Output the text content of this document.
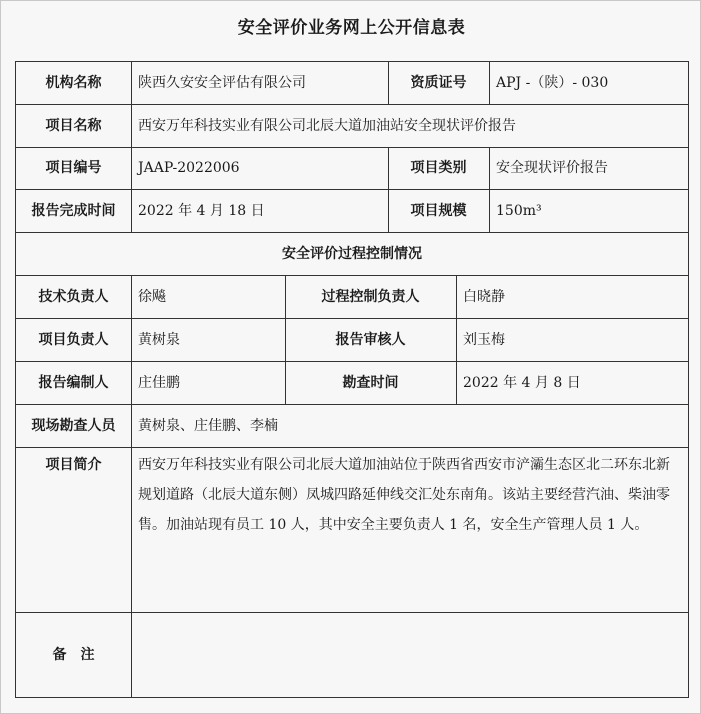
安全评价业务网上公开信息表
机构名称	陕西久安安全评估有限公司	资质证号	APJ -（陕）- 030
项目名称	西安万年科技实业有限公司北辰大道加油站安全现状评价报告
项目编号	JAAP-2022006	项目类别	安全现状评价报告
报告完成时间	2022 年 4 月 18 日	项目规模	150m³
安全评价过程控制情况
技术负责人	徐飚	过程控制负责人	白晓静
项目负责人	黄树泉	报告审核人	刘玉梅
报告编制人	庄佳鹏	勘查时间	2022 年 4 月 8 日
现场勘查人员	黄树泉、庄佳鹏、李楠
项目简介	西安万年科技实业有限公司北辰大道加油站位于陕西省西安市浐灞生态区北二环东北新规划道路（北辰大道东侧）凤城四路延伸线交汇处东南角。该站主要经营汽油、柴油零售。加油站现有员工 10 人，其中安全主要负责人 1 名，安全生产管理人员 1 人。
备　注
